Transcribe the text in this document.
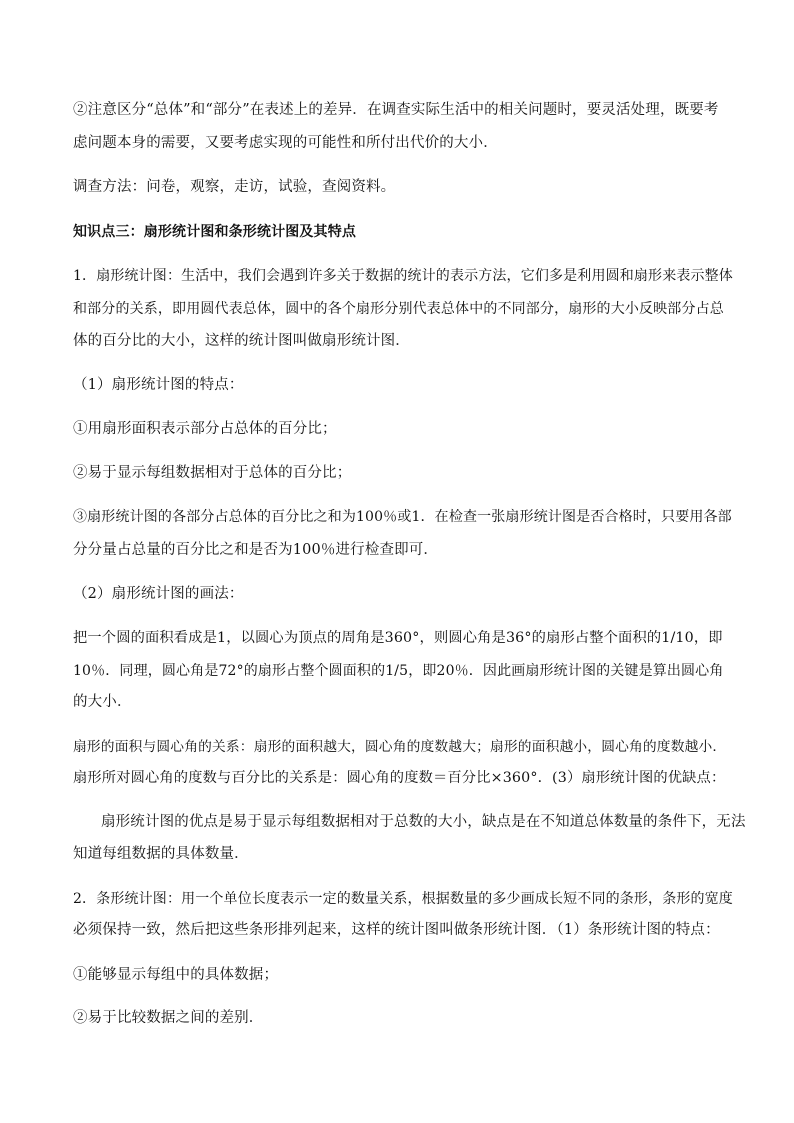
②注意区分“总体”和“部分”在表述上的差异．在调查实际生活中的相关问题时，要灵活处理，既要考
虑问题本身的需要，又要考虑实现的可能性和所付出代价的大小．
调查方法：问卷，观察，走访，试验，查阅资料。
知识点三：扇形统计图和条形统计图及其特点
1．扇形统计图：生活中，我们会遇到许多关于数据的统计的表示方法，它们多是利用圆和扇形来表示整体
和部分的关系，即用圆代表总体，圆中的各个扇形分别代表总体中的不同部分，扇形的大小反映部分占总
体的百分比的大小，这样的统计图叫做扇形统计图．
（1）扇形统计图的特点：
①用扇形面积表示部分占总体的百分比；
②易于显示每组数据相对于总体的百分比；
③扇形统计图的各部分占总体的百分比之和为100％或1．在检查一张扇形统计图是否合格时，只要用各部
分分量占总量的百分比之和是否为100％进行检查即可．
（2）扇形统计图的画法：
把一个圆的面积看成是1，以圆心为顶点的周角是360°，则圆心角是36°的扇形占整个面积的1/10，即
10％．同理，圆心角是72°的扇形占整个圆面积的1/5，即20％．因此画扇形统计图的关键是算出圆心角
的大小．
扇形的面积与圆心角的关系：扇形的面积越大，圆心角的度数越大；扇形的面积越小，圆心角的度数越小．
扇形所对圆心角的度数与百分比的关系是：圆心角的度数＝百分比×360°．(3）扇形统计图的优缺点：
扇形统计图的优点是易于显示每组数据相对于总数的大小，缺点是在不知道总体数量的条件下，无法
知道每组数据的具体数量．
2．条形统计图：用一个单位长度表示一定的数量关系，根据数量的多少画成长短不同的条形，条形的宽度
必须保持一致，然后把这些条形排列起来，这样的统计图叫做条形统计图．（1）条形统计图的特点：
①能够显示每组中的具体数据；
②易于比较数据之间的差别．
